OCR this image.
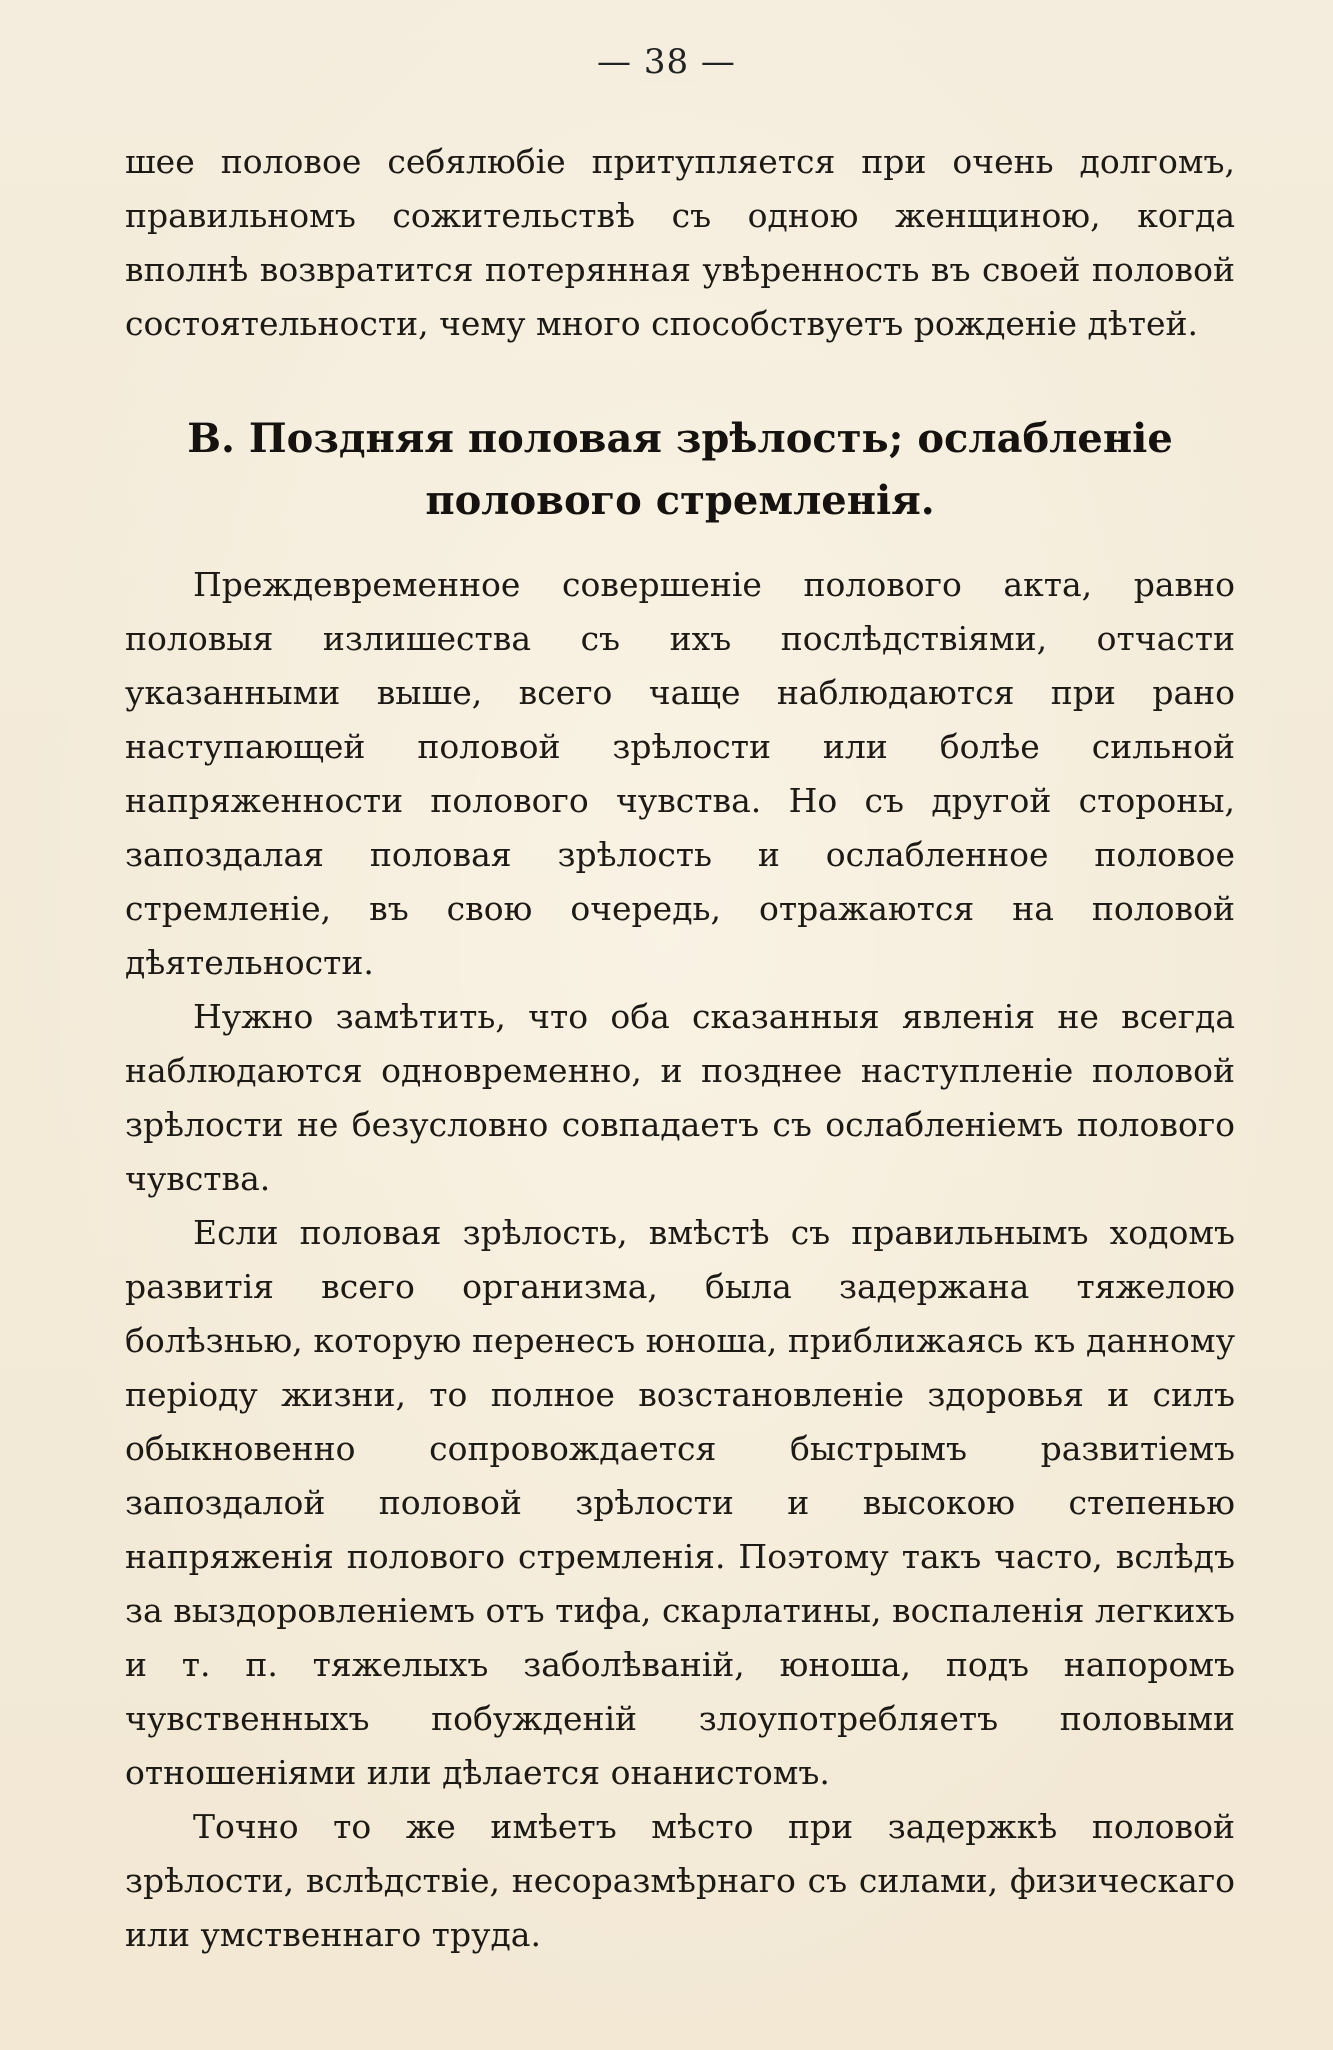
— 38 —

шее половое себялюбіе притупляется при очень долгомъ, правильномъ сожительствѣ съ одною женщиною, когда вполнѣ возвратится потерянная увѣренность въ своей половой состоятельности, чему много способствуетъ рожденіе дѣтей.

В. Поздняя половая зрѣлость; ослабленіе полового стремленія.

Преждевременное совершеніе полового акта, равно половыя излишества съ ихъ послѣдствіями, отчасти указанными выше, всего чаще наблюдаются при рано наступающей половой зрѣлости или болѣе сильной напряженности полового чувства. Но съ другой стороны, запоздалая половая зрѣлость и ослабленное половое стремленіе, въ свою очередь, отражаются на половой дѣятельности.

Нужно замѣтить, что оба сказанныя явленія не всегда наблюдаются одновременно, и позднее наступленіе половой зрѣлости не безусловно совпадаетъ съ ослабленіемъ полового чувства.

Если половая зрѣлость, вмѣстѣ съ правильнымъ ходомъ развитія всего организма, была задержана тяжелою болѣзнью, которую перенесъ юноша, приближаясь къ данному періоду жизни, то полное возстановленіе здоровья и силъ обыкновенно сопровождается быстрымъ развитіемъ запоздалой половой зрѣлости и высокою степенью напряженія полового стремленія. Поэтому такъ часто, вслѣдъ за выздоровленіемъ отъ тифа, скарлатины, воспаленія легкихъ и т. п. тяжелыхъ заболѣваній, юноша, подъ напоромъ чувственныхъ побужденій злоупотребляетъ половыми отношеніями или дѣлается онанистомъ.

Точно то же имѣетъ мѣсто при задержкѣ половой зрѣлости, вслѣдствіе, несоразмѣрнаго съ силами, физическаго или умственнаго труда.
